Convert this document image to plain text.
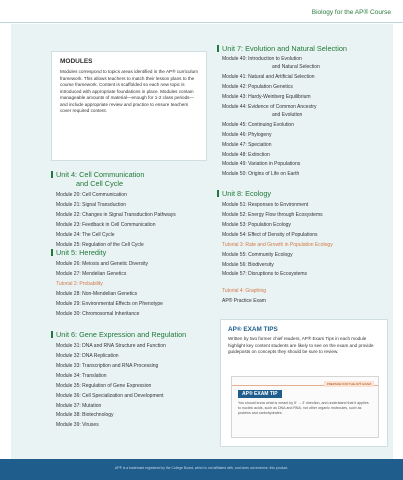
Biology for the AP® Course
MODULES
Modules correspond to topics areas identified in the AP® curriculum framework. This allows teachers to match their lesson plans to the course framework. Content is scaffolded so each new topic is introduced with appropriate foundations in place. Modules contain manageable amounts of material—enough for 1-2 class periods—and include appropriate review and practice to ensure teachers cover required content.
Unit 4: Cell Communication
and Cell Cycle
Module 20: Cell Communication
Module 21: Signal Transduction
Module 22: Changes in Signal Transduction Pathways
Module 23: Feedback in Cell Communication
Module 24: The Cell Cycle
Module 25: Regulation of the Cell Cycle
Unit 5: Heredity
Module 26: Meiosis and Genetic Diversity
Module 27: Mendelian Genetics
Tutorial 2: Probability
Module 28: Non-Mendelian Genetics
Module 29: Environmental Effects on Phenotype
Module 30: Chromosomal Inheritance
Unit 6: Gene Expression and Regulation
Module 31: DNA and RNA Structure and Function
Module 32: DNA Replication
Module 33: Transcription and RNA Processing
Module 34: Translation
Module 35: Regulation of Gene Expression
Module 36: Cell Specialization and Development
Module 37: Mutation
Module 38: Biotechnology
Module 39: Viruses
Unit 7: Evolution and Natural Selection
Module 40: Introduction to Evolution
and Natural Selection
Module 41: Natural and Artificial Selection
Module 42: Population Genetics
Module 43: Hardy-Weinberg Equilibrium
Module 44: Evidence of Common Ancestry
and Evolution
Module 45: Continuing Evolution
Module 46: Phylogeny
Module 47: Speciation
Module 48: Extinction
Module 49: Variation in Populations
Module 50: Origins of Life on Earth
Unit 8: Ecology
Module 51: Responses to Environment
Module 52: Energy Flow through Ecosystems
Module 53: Population Ecology
Module 54: Effect of Density of Populations
Tutorial 3: Rate and Growth in Population Ecology
Module 55: Community Ecology
Module 56: Biodiversity
Module 57: Disruptions to Ecosystems
Tutorial 4: Graphing
AP® Practice Exam
AP® EXAM TIPS
Written by two former chief readers, AP® Exam Tips in each module highlight key content students are likely to see on the exam and provide guideposts on concepts they should be sure to review.
PREPARE FOR THE AP® EXAM
AP® EXAM TIP
You should know what is meant by 5′ → 3′ direction, and understand that it applies to nucleic acids, such as DNA and RNA, not other organic molecules, such as proteins and carbohydrates.
AP® is a trademark registered by the College Board, which is not affiliated with, and does not endorse, this product.
